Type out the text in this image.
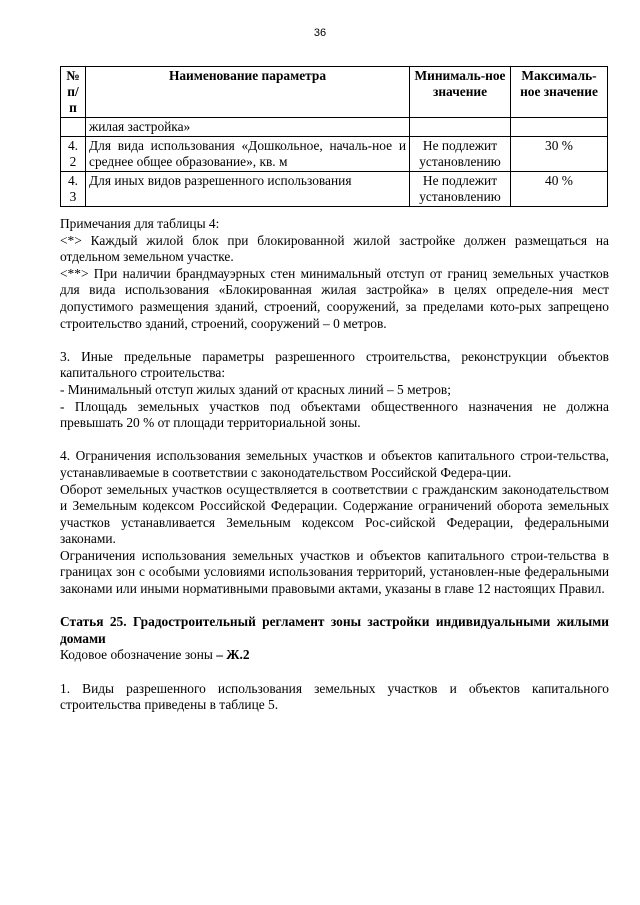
36
№ п/ п	Наименование параметра	Минималь-ное значение	Максималь-ное значение
	жилая застройка»		
4. 2	Для вида использования «Дошкольное, началь-ное и среднее общее образование», кв. м	Не подлежит установлению	30 %
4. 3	Для иных видов разрешенного использования	Не подлежит установлению	40 %

Примечания для таблицы 4:

<*> Каждый жилой блок при блокированной жилой застройке должен размещаться на отдельном земельном участке.

<**> При наличии брандмауэрных стен минимальный отступ от границ земельных участков для вида использования «Блокированная жилая застройка» в целях определе-ния мест допустимого размещения зданий, строений, сооружений, за пределами кото-рых запрещено строительство зданий, строений, сооружений – 0 метров.

3. Иные предельные параметры разрешенного строительства, реконструкции объектов капитального строительства:

- Минимальный отступ жилых зданий от красных линий – 5 метров;

- Площадь земельных участков под объектами общественного назначения не должна превышать 20 % от площади территориальной зоны.

4. Ограничения использования земельных участков и объектов капитального строи-тельства, устанавливаемые в соответствии с законодательством Российской Федера-ции.

Оборот земельных участков осуществляется в соответствии с гражданским законодательством и Земельным кодексом Российской Федерации. Содержание ограничений оборота земельных участков устанавливается Земельным кодексом Рос-сийской Федерации, федеральными законами.

Ограничения использования земельных участков и объектов капитального строи-тельства в границах зон с особыми условиями использования территорий, установлен-ные федеральными законами или иными нормативными правовыми актами, указаны в главе 12 настоящих Правил.

Статья 25. Градостроительный регламент зоны застройки индивидуальными жилыми домами

Кодовое обозначение зоны – Ж.2

1. Виды разрешенного использования земельных участков и объектов капитального строительства приведены в таблице 5.
